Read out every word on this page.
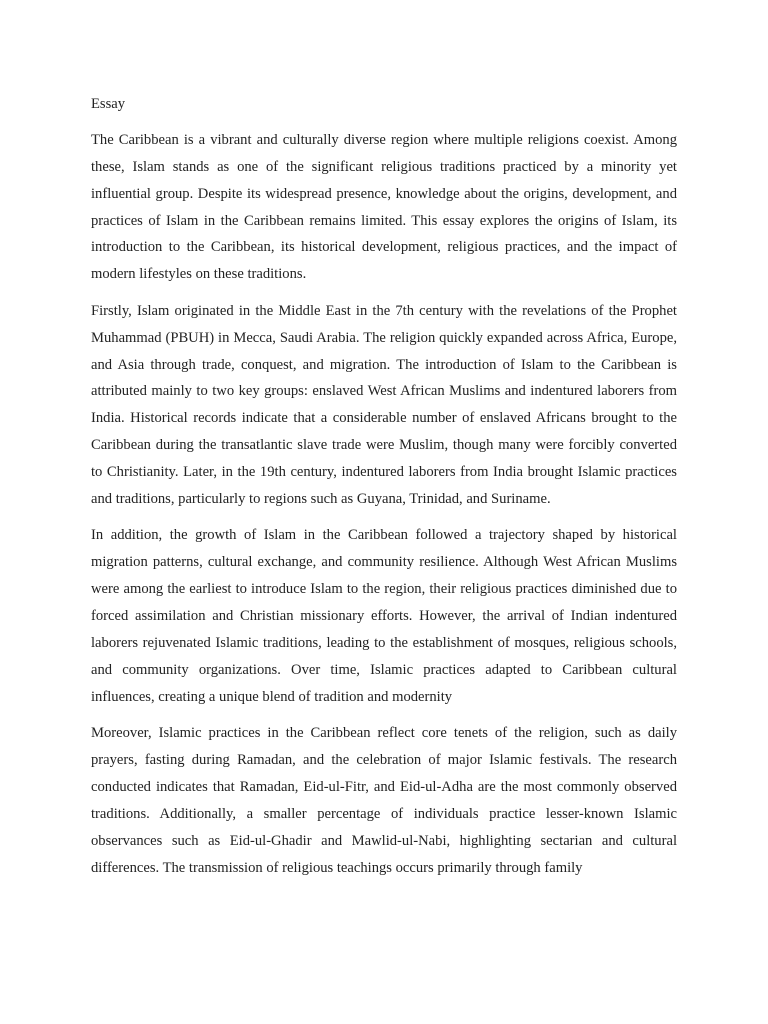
Essay

The Caribbean is a vibrant and culturally diverse region where multiple religions coexist. Among these, Islam stands as one of the significant religious traditions practiced by a minority yet influential group. Despite its widespread presence, knowledge about the origins, development, and practices of Islam in the Caribbean remains limited. This essay explores the origins of Islam, its introduction to the Caribbean, its historical development, religious practices, and the impact of modern lifestyles on these traditions.

Firstly, Islam originated in the Middle East in the 7th century with the revelations of the Prophet Muhammad (PBUH) in Mecca, Saudi Arabia. The religion quickly expanded across Africa, Europe, and Asia through trade, conquest, and migration. The introduction of Islam to the Caribbean is attributed mainly to two key groups: enslaved West African Muslims and indentured laborers from India. Historical records indicate that a considerable number of enslaved Africans brought to the Caribbean during the transatlantic slave trade were Muslim, though many were forcibly converted to Christianity. Later, in the 19th century, indentured laborers from India brought Islamic practices and traditions, particularly to regions such as Guyana, Trinidad, and Suriname.

In addition, the growth of Islam in the Caribbean followed a trajectory shaped by historical migration patterns, cultural exchange, and community resilience. Although West African Muslims were among the earliest to introduce Islam to the region, their religious practices diminished due to forced assimilation and Christian missionary efforts. However, the arrival of Indian indentured laborers rejuvenated Islamic traditions, leading to the establishment of mosques, religious schools, and community organizations. Over time, Islamic practices adapted to Caribbean cultural influences, creating a unique blend of tradition and modernity

Moreover, Islamic practices in the Caribbean reflect core tenets of the religion, such as daily prayers, fasting during Ramadan, and the celebration of major Islamic festivals. The research conducted indicates that Ramadan, Eid-ul-Fitr, and Eid-ul-Adha are the most commonly observed traditions. Additionally, a smaller percentage of individuals practice lesser-known Islamic observances such as Eid-ul-Ghadir and Mawlid-ul-Nabi, highlighting sectarian and cultural differences. The transmission of religious teachings occurs primarily through family
